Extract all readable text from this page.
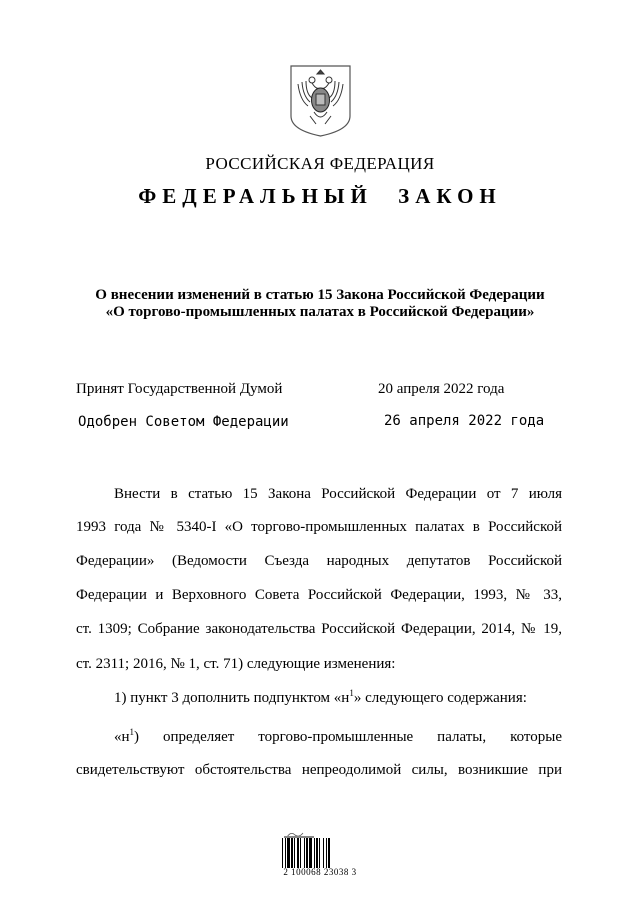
РОССИЙСКАЯ ФЕДЕРАЦИЯ
ФЕДЕРАЛЬНЫЙ ЗАКОН
О внесении изменений в статью 15 Закона Российской Федерации
«О торгово-промышленных палатах в Российской Федерации»
Принят Государственной Думой	20 апреля 2022 года
Одобрен Советом Федерации	26 апреля 2022 года
Внести в статью 15 Закона Российской Федерации от 7 июля
1993 года № 5340-I «О торгово-промышленных палатах в Российской
Федерации» (Ведомости Съезда народных депутатов Российской
Федерации и Верховного Совета Российской Федерации, 1993, № 33,
ст. 1309; Собрание законодательства Российской Федерации, 2014, № 19,
ст. 2311; 2016, № 1, ст. 71) следующие изменения:
1) пункт 3 дополнить подпунктом «$н^1$» следующего содержания:
«$н^1$) определяет торгово-промышленные палаты, которые
свидетельствуют обстоятельства непреодолимой силы, возникшие при
2 100068 23038 3
